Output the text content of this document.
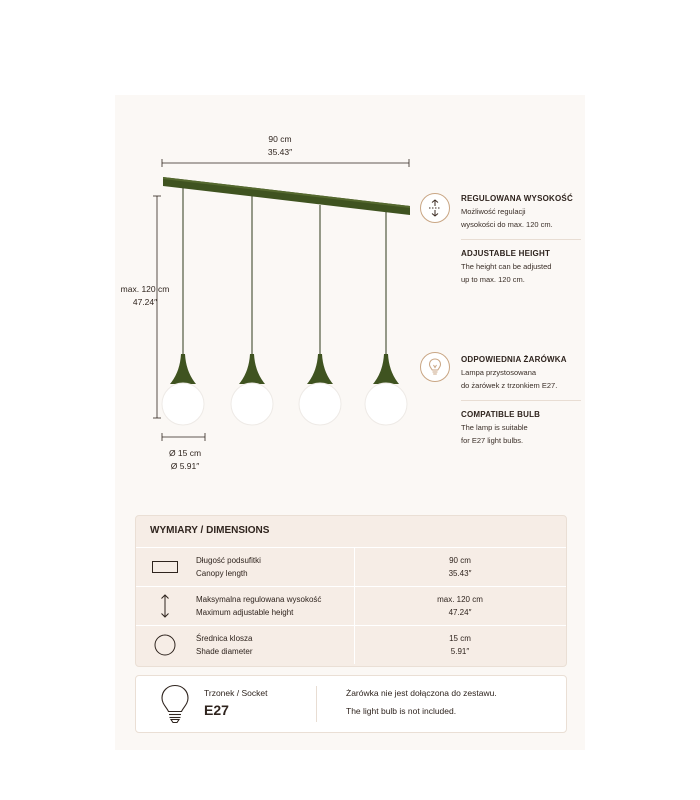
90 cm
35.43″
max. 120 cm
47.24″
Ø 15 cm
Ø 5.91″
REGULOWANA WYSOKOŚĆ
Możliwość regulacji
wysokości do max. 120 cm.
ADJUSTABLE HEIGHT
The height can be adjusted
up to max. 120 cm.
ODPOWIEDNIA ŻARÓWKA
Lampa przystosowana
do żarówek z trzonkiem E27.
COMPATIBLE BULB
The lamp is suitable
for E27 light bulbs.
WYMIARY / DIMENSIONS
Długość podsufitki
Canopy length
90 cm
35.43″
Maksymalna regulowana wysokość
Maximum adjustable height
max. 120 cm
47.24″
Średnica klosza
Shade diameter
15 cm
5.91″
Trzonek / Socket
E27
Żarówka nie jest dołączona do zestawu.
The light bulb is not included.
